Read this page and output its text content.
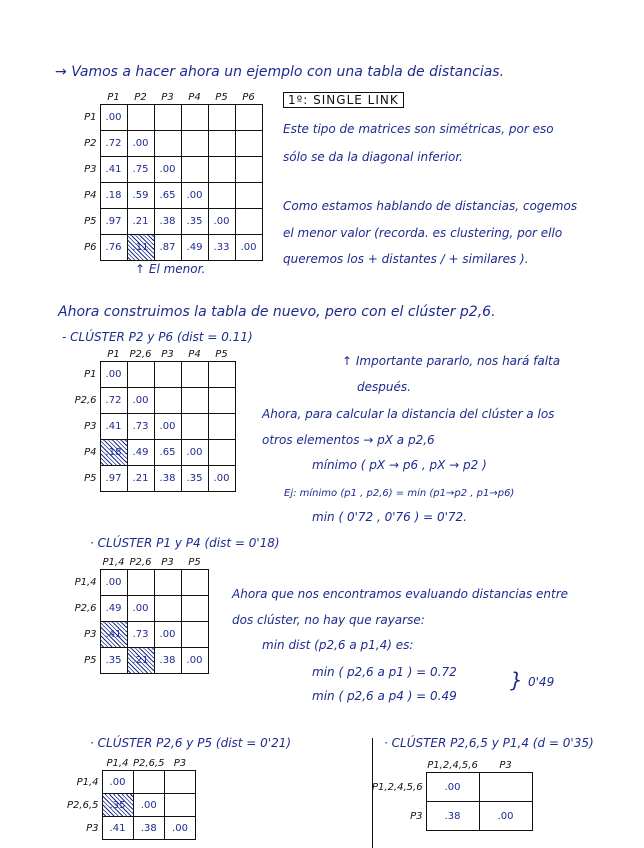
→ Vamos a hacer ahora un ejemplo con una tabla de distancias.
	P1	P2	P3	P4	P5	P6
P1	.00					
P2	.72	.00				
P3	.41	.75	.00			
P4	.18	.59	.65	.00		
P5	.97	.21	.38	.35	.00	
P6	.76	.11	.87	.49	.33	.00
↑ El menor.
1º: SINGLE LINK
Este tipo de matrices son simétricas, por eso
sólo se da la diagonal inferior.
Como estamos hablando de distancias, cogemos
el menor valor (recorda. es clustering, por ello
queremos los + distantes / + similares ).
Ahora construimos la tabla de nuevo, pero con el clúster p2,6.
- CLÚSTER P2 y P6 (dist = 0.11)
	P1	P2,6	P3	P4	P5
P1	.00				
P2,6	.72	.00			
P3	.41	.73	.00		
P4	.18	.49	.65	.00	
P5	.97	.21	.38	.35	.00
↑ Importante pararlo, nos hará falta
después.
Ahora, para calcular la distancia del clúster a los
otros elementos → pX a p2,6
mínimo ( pX → p6 , pX → p2 )
Ej: mínimo (p1 , p2,6) = min (p1→p2 , p1→p6)
min ( 0'72 , 0'76 ) = 0'72.
· CLÚSTER P1 y P4 (dist = 0'18)
	P1,4	P2,6	P3	P5
P1,4	.00			
P2,6	.49	.00		
P3	.41	.73	.00	
P5	.35	.21	.38	.00
Ahora que nos encontramos evaluando distancias entre
dos clúster, no hay que rayarse:
min dist (p2,6 a p1,4) es:
min ( p2,6 a p1 ) = 0.72
min ( p2,6 a p4 ) = 0.49
} 0'49
· CLÚSTER P2,6 y P5 (dist = 0'21)
	P1,4	P2,6,5	P3
P1,4	.00		
P2,6,5	.35	.00	
P3	.41	.38	.00
· CLÚSTER P2,6,5 y P1,4 (d = 0'35)
	P1,2,4,5,6	P3
P1,2,4,5,6	.00	
P3	.38	.00
